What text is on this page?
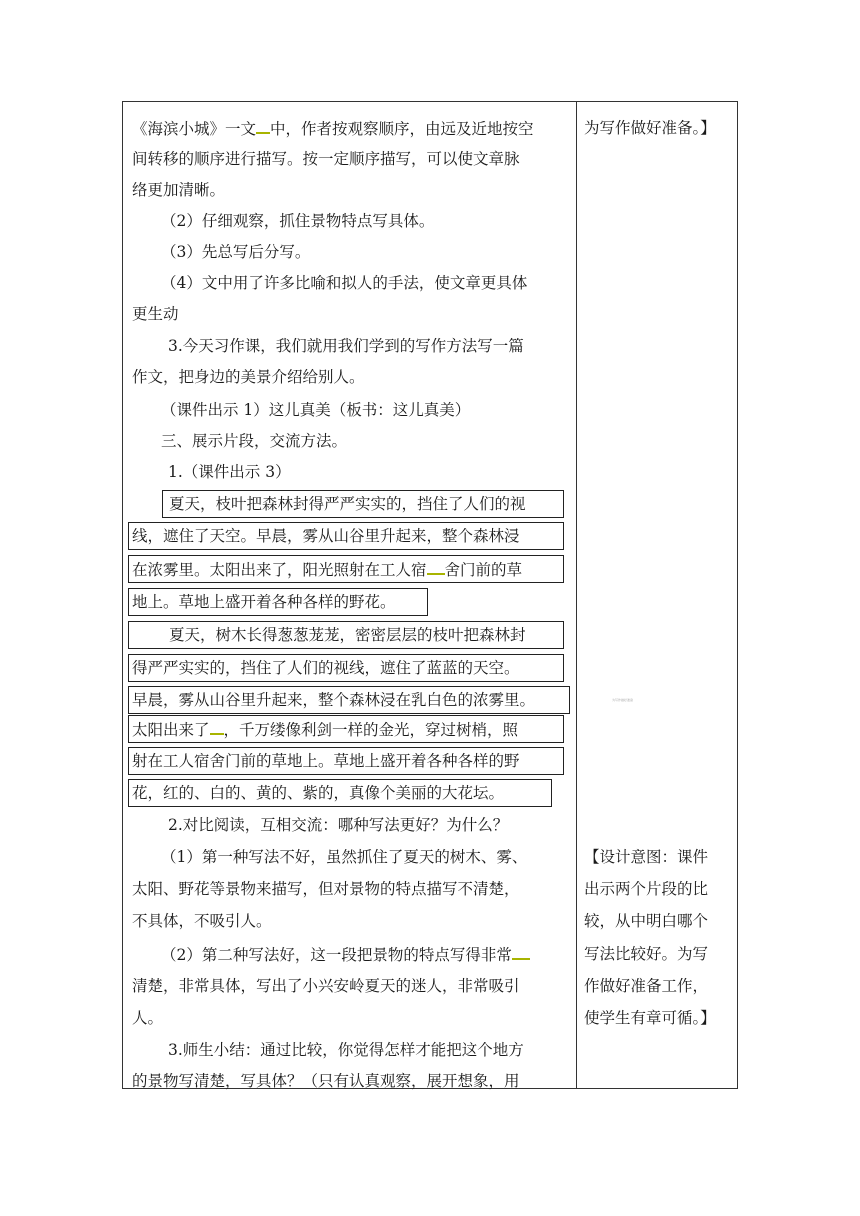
《海滨小城》一文 中，作者按观察顺序，由远及近地按空
间转移的顺序进行描写。按一定顺序描写，可以使文章脉
络更加清晰。
（2）仔细观察，抓住景物特点写具体。
（3）先总写后分写。
（4）文中用了许多比喻和拟人的手法，使文章更具体
更生动
3.今天习作课，我们就用我们学到的写作方法写一篇
作文，把身边的美景介绍给别人。
（课件出示 1）这儿真美（板书：这儿真美）
三、展示片段，交流方法。
1.（课件出示 3）
夏天，枝叶把森林封得严严实实的，挡住了人们的视
线，遮住了天空。早晨，雾从山谷里升起来，整个森林浸
在浓雾里。太阳出来了，阳光照射在工人宿 舍门前的草
地上。草地上盛开着各种各样的野花。
夏天，树木长得葱葱茏茏，密密层层的枝叶把森林封
得严严实实的，挡住了人们的视线，遮住了蓝蓝的天空。
早晨，雾从山谷里升起来，整个森林浸在乳白色的浓雾里。
太阳出来了 ，千万缕像利剑一样的金光，穿过树梢，照
射在工人宿舍门前的草地上。草地上盛开着各种各样的野
花，红的、白的、黄的、紫的，真像个美丽的大花坛。
2.对比阅读，互相交流：哪种写法更好？为什么？
（1）第一种写法不好，虽然抓住了夏天的树木、雾、
太阳、野花等景物来描写，但对景物的特点描写不清楚，
不具体，不吸引人。
（2）第二种写法好，这一段把景物的特点写得非常
清楚，非常具体，写出了小兴安岭夏天的迷人，非常吸引
人。
3.师生小结：通过比较，你觉得怎样才能把这个地方
的景物写清楚，写具体？（只有认真观察，展开想象，用
为写作做好准备。】
为写作做好准备
【设计意图：课件
出示两个片段的比
较，从中明白哪个
写法比较好。为写
作做好准备工作，
使学生有章可循。】
